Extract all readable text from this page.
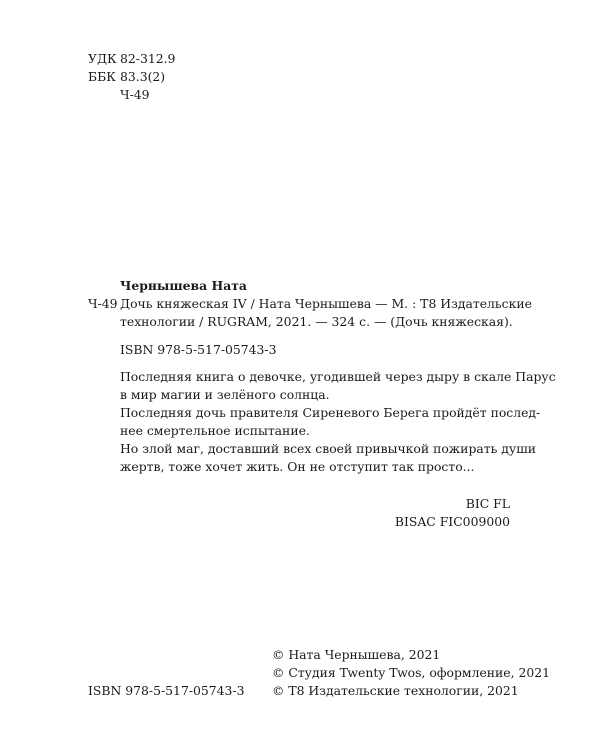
УДК 82-312.9
ББК 83.3(2)
Ч-49
Чернышева Ната
Ч-49 Дочь княжеская IV / Ната Чернышева — М. : Т8 Издательские
технологии / RUGRAM, 2021. — 324 с. — (Дочь княжеская).
ISBN 978-5-517-05743-3
Последняя книга о девочке, угодившей через дыру в скале Парус
в мир магии и зелёного солнца.
Последняя дочь правителя Сиреневого Берега пройдёт послед-
нее смертельное испытание.
Но злой маг, доставший всех своей привычкой пожирать души
жертв, тоже хочет жить. Он не отступит так просто...
BIC FL
BISAC FIC009000
ISBN 978-5-517-05743-3
© Ната Чернышева, 2021
© Студия Twenty Twos, оформление, 2021
© Т8 Издательские технологии, 2021
